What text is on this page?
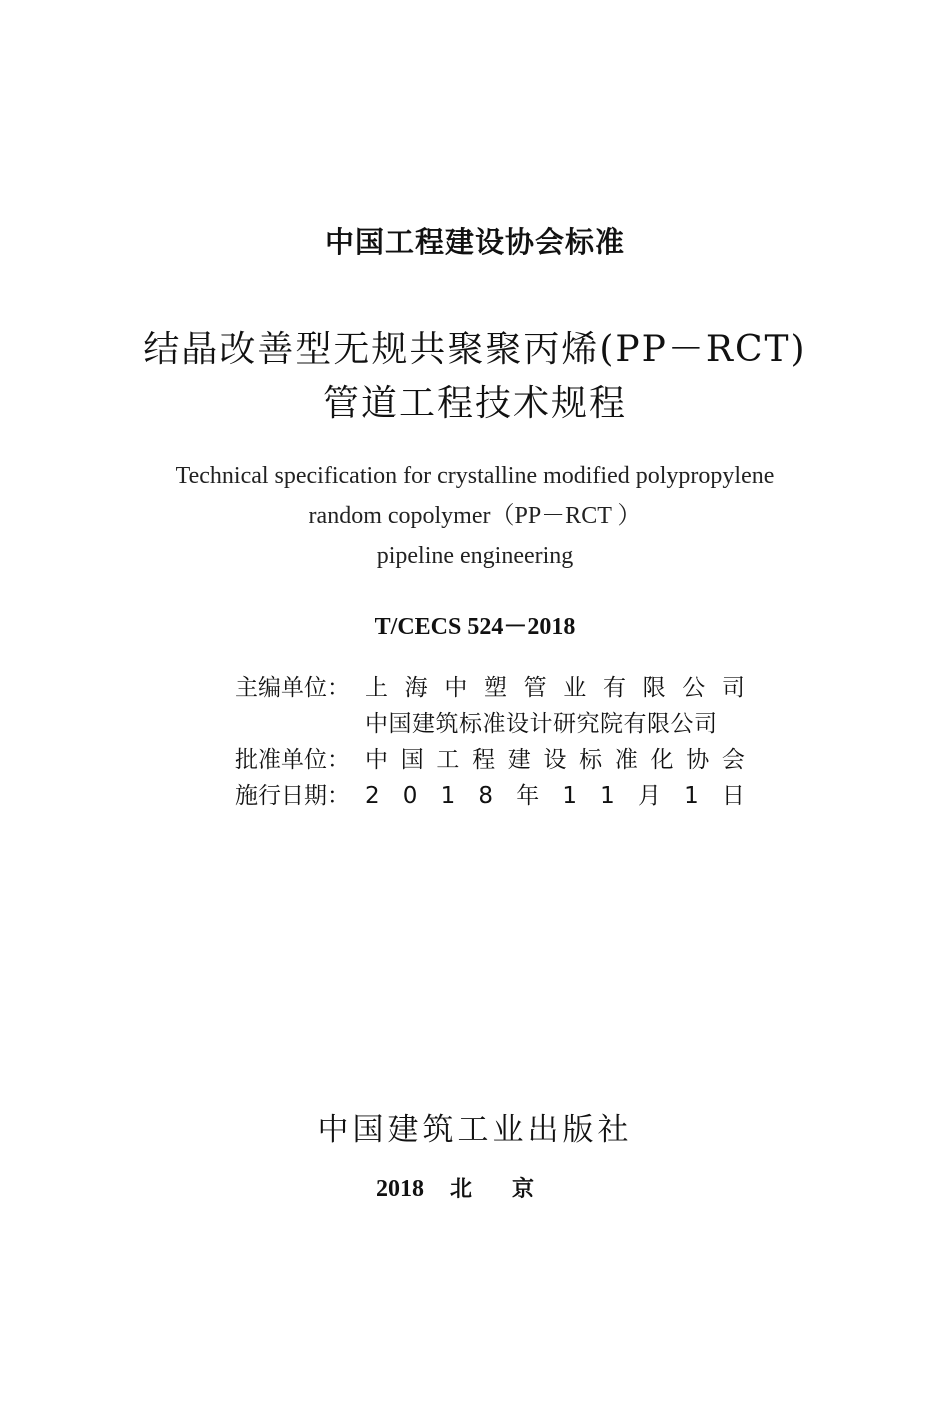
中国工程建设协会标准
结晶改善型无规共聚聚丙烯(PP－RCT)
管道工程技术规程
Technical specification for crystalline modified polypropylene
random copolymer（PP－RCT ）
pipeline engineering
T/CECS 524－2018
主编单位： 上 海 中 塑 管 业 有 限 公 司
中国建筑标准设计研究院有限公司
批准单位： 中 国 工 程 建 设 标 准 化 协 会
施行日期： 2 0 1 8 年 1 1 月 1 日
中国建筑工业出版社
2018 北京
